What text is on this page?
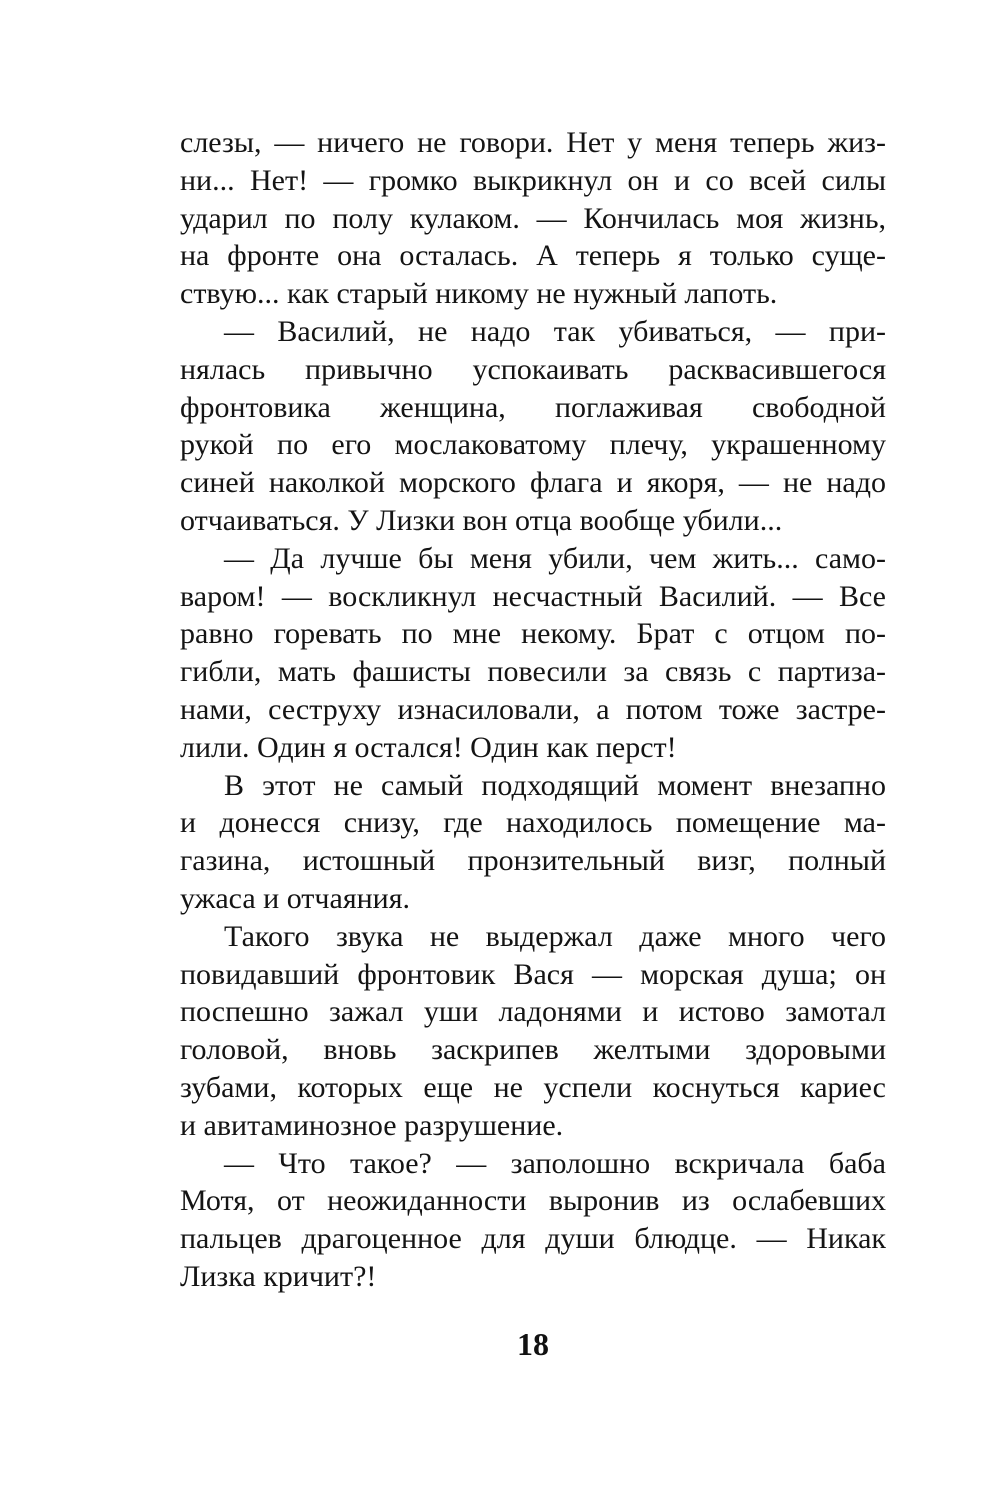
слезы, — ничего не говори. Нет у меня теперь жиз-
ни... Нет! — громко выкрикнул он и со всей силы
ударил по полу кулаком. — Кончилась моя жизнь,
на фронте она осталась. А теперь я только суще-
ствую... как старый никому не нужный лапоть.
— Василий, не надо так убиваться, — при-
нялась привычно успокаивать расквасившегося
фронтовика женщина, поглаживая свободной
рукой по его мослаковатому плечу, украшенному
синей наколкой морского флага и якоря, — не надо
отчаиваться. У Лизки вон отца вообще убили...
— Да лучше бы меня убили, чем жить... само-
варом! — воскликнул несчастный Василий. — Все
равно горевать по мне некому. Брат с отцом по-
гибли, мать фашисты повесили за связь с партиза-
нами, сеструху изнасиловали, а потом тоже застре-
лили. Один я остался! Один как перст!
В этот не самый подходящий момент внезапно
и донесся снизу, где находилось помещение ма-
газина, истошный пронзительный визг, полный
ужаса и отчаяния.
Такого звука не выдержал даже много чего
повидавший фронтовик Вася — морская душа; он
поспешно зажал уши ладонями и истово замотал
головой, вновь заскрипев желтыми здоровыми
зубами, которых еще не успели коснуться кариес
и авитаминозное разрушение.
— Что такое? — заполошно вскричала баба
Мотя, от неожиданности выронив из ослабевших
пальцев драгоценное для души блюдце. — Никак
Лизка кричит?!
18
